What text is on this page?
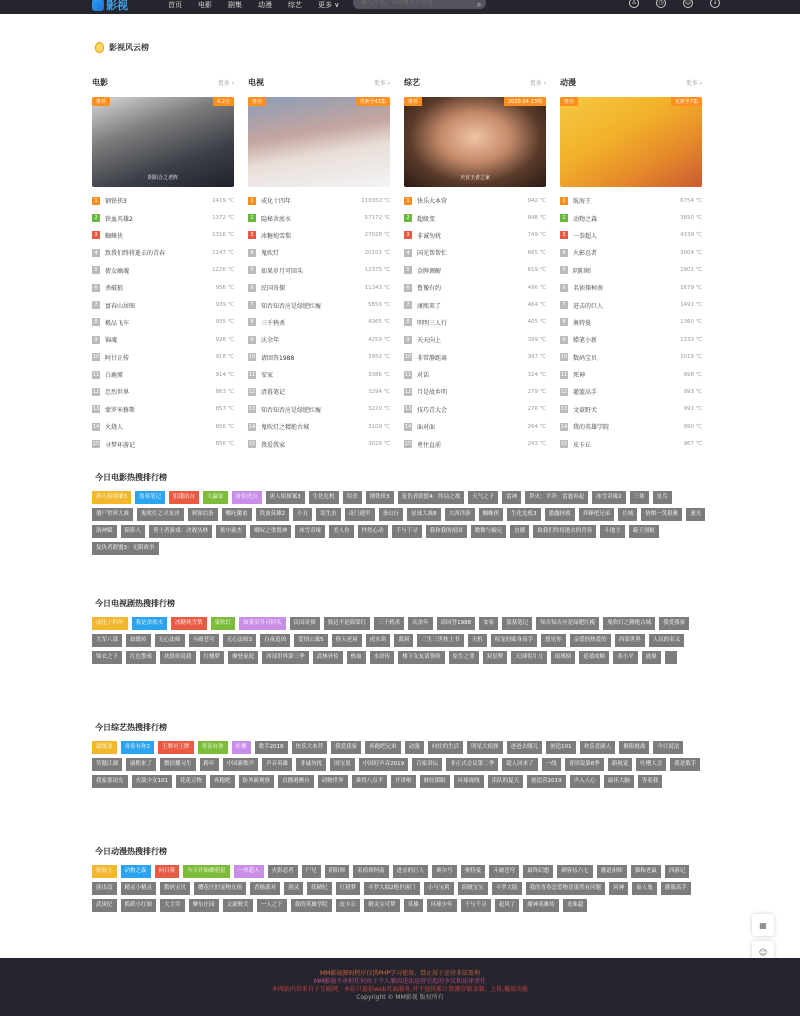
影视	首页 电影 剧集 动漫 综艺 更多 ∨
输入片名，支持拼音首字母	⌕	♙	◷	☺	↓
影视风云榜
电影	更多 ›
推荐	4.2分
阴阳合之老阵
1	钢铁侠3	2419 ℃
2	铁血英雄2	1372 ℃
3	蜘蛛侠	1316 ℃
4	致我们终将逝去的青春	1247 ℃
5	倩女幽魂	1226 ℃
6	杀破狼	956 ℃
7	富春山居图	939 ℃
8	极品飞车	935 ℃
9	锦魂	928 ℃
10 阿甘正传	918 ℃
11 白鹿原	914 ℃
12 忠烈世界	863 ℃
13 蒙罗米修斯	857 ℃
14 火烧人	856 ℃
15 寻梦环游记	856 ℃
电视	更多 ›
推荐	更新至43集
1	成化十四年	110352 ℃
2	隐秘舍底水	57172 ℃
3	冰糖炖雪梨	27026 ℃
4	鬼吹灯	20101 ℃
5	如果岁月可回头	12375 ℃
6	民国奇探	11343 ℃
7	知否知否应是绿肥红瘦	5859 ℃
8	三千鸦杀	4365 ℃
9	庆余年	4259 ℃
10 请回答1988	3952 ℃
11 安家	3386 ℃
12 清暮笔记	3294 ℃
13 知否知否应是绿肥红瘦	3220 ℃
14 鬼吹灯之精绝古城	3109 ℃
15 我爱我家	3029 ℃
综艺	更多 ›
推荐	2020-04-13期
天官王者之家
1	快乐大本营	942 ℃
2	超级变	848 ℃
3	非诚勿扰	749 ℃
4	国光帮帮忙	665 ℃
5	金牌调解	619 ℃
6	鲁豫有约	496 ℃
7	康熙来了	464 ℃
8	明明三人行	405 ℃
9	天天向上	399 ℃
10 非常静距离	397 ℃
11 对话	324 ℃
12 月是故乡明	279 ℃
13 技巧青大会	276 ℃
14 面对面	264 ℃
15 勇往直前	243 ℃
动漫	更多 ›
推荐	更新至7集
1	航海王	6754 ℃
2	动物之森	3650 ℃
3	一拳超人	4339 ℃
4	火影忍者	3004 ℃
5	阴阳师	1901 ℃
6	名侦探柯南	1679 ℃
7	进击的巨人	1491 ℃
8	奥特曼	1360 ℃
9	蜡笔小新	1333 ℃
10 数码宝贝	1019 ℃
11 死神	998 ℃
12 灌篮高手	993 ℃
13 文豪野犬	991 ℃
14 我的英雄学院	990 ℃
15 皮卡丘	967 ℃
今日电影热搜排行榜
唐人街探案3	盗墓笔记	饥饿站台	大赢家	唐伯虎点	唐人街探案3	生化危机	误杀	钢铁侠3	复仇者联盟4：终局之战	天气之子	雷神	拜火：平洋：雷霆再起	冰雪奇缘2	三体	星鸟
僵尸世界大战	鬼吹灯之寻龙诀	刺客信条	哪吒魔童	铁血英雄2	小丑	寄生虫	奇门遁甲	釜山行	星球大战8	大西洋游	蜘蛛侠	生化危机3	愚蠢拯救	养蜂吧兄弟	长城	情棋一笑很雅	速光
洛神赋	陪影人	勇士者游戏：决战丛林	狱中豪杰	卿叹之重置神	冰雪奇缘	美人鱼	怦然心动	千与千寻	我和我的祖国	微微与骗兄	直播	致我们终将逝去的青春	斗地主	霸王别姬
复仇者联盟3：无限战争
今日电视剧热搜排行榜
成化十四年	我是余欢水	冰糖炖雪梨	鬼吹灯	如果岁月可回头	民国奇探	鬓边不是海棠红	三千鸦杀	庆余年	请回答1988	安家	盗墓笔记	知否知否应是绿肥红瘦	鬼吹灯之精绝古城	我爱我家
大军八部	如懿传	无心法师	斗破苍穹	无心法师3	白夜追凶	爱情公寓5	倚天老屋	虎水寒	离洞	三生三世枕上书	天机	权宠的贴身高手	想见你	亲爱的热爱的	西部世界	人民的名义
锦衣之下	红色警戒	扶摇传说我	红楼梦	摩登家庭	西部世界第三季	武林外传	热血	水浒传	楼下女友请签收	原生之罪	双星孽	天国明月刀	琅琊榜	延禧攻略	邓小平	鹿鼎
今日综艺热搜排行榜
超级变	青春有你2	王牌对王牌	青春有你	吐槽	歌手2018	快乐大本营	我爱我家	奔跑吧兄弟	动漫	向往的生活	明星大侦探	爸爸去哪儿	创造101	欢乐喜剧人	极限挑战	今日说法
笑傲江湖	康熙来了	微信播习生	跨年	中国新歌声	声音英雄	非诚勿扰	国宝说	中国好声音2019	百家讲坛	非正式会议第二季	超人回来了	一线	青团说第6季	新视觉	吐槽大会	我是歌手
我家那闺女	火箭少女101	花花万物	奔跑吧	防务新观察	直播港澳台	动物世界	难得八点半	开讲啦	财经郎眼	环球视线	乐队的夏天	创造营2019	声入人心	最佳大脑	等着我
今日动漫热搜排行榜
航海王	动物之森	向日葵	今天开始做明星	一拳超人	火影忍者	尸兄	阴阳师	名侦探柯南	进击的巨人	赛尔号	奥特曼	斗破苍穹	最终幻想	刺客伍六七	魔道祖师	猫和老鼠	西游记
熊出没	精灵小精灵	数码宝贝	樱花庄的宠物女孩	香肠派对	剑灵	妖精纪	红猪梦	斗罗大陆2绝世唐门	小马宝莉	海贼宝宝	斗罗大陆	我的青春恋爱物语果然有问题	河神	泰人鬼	灌篮高手
武庚纪	狐妖小红娘	大主宰	摩尔庄园	文豪野犬	一人之下	我的英雄学院	皮卡丘	精灵宝可梦	英雄	环球少年	千与千寻	起风了	魔神英雄传	龙珠超
▦
☺
MM影视源码程序仅供PHP学习使用，禁止用于运营非法盈利
MM影视不承担任何由于个人原因违法运营引起的争议和法律责任
本网站内容来自于互联网，本站只提供web页面服务,并不提供影片资源存储录制、上传,播放功能
Copyright © MM影视 版权所有
